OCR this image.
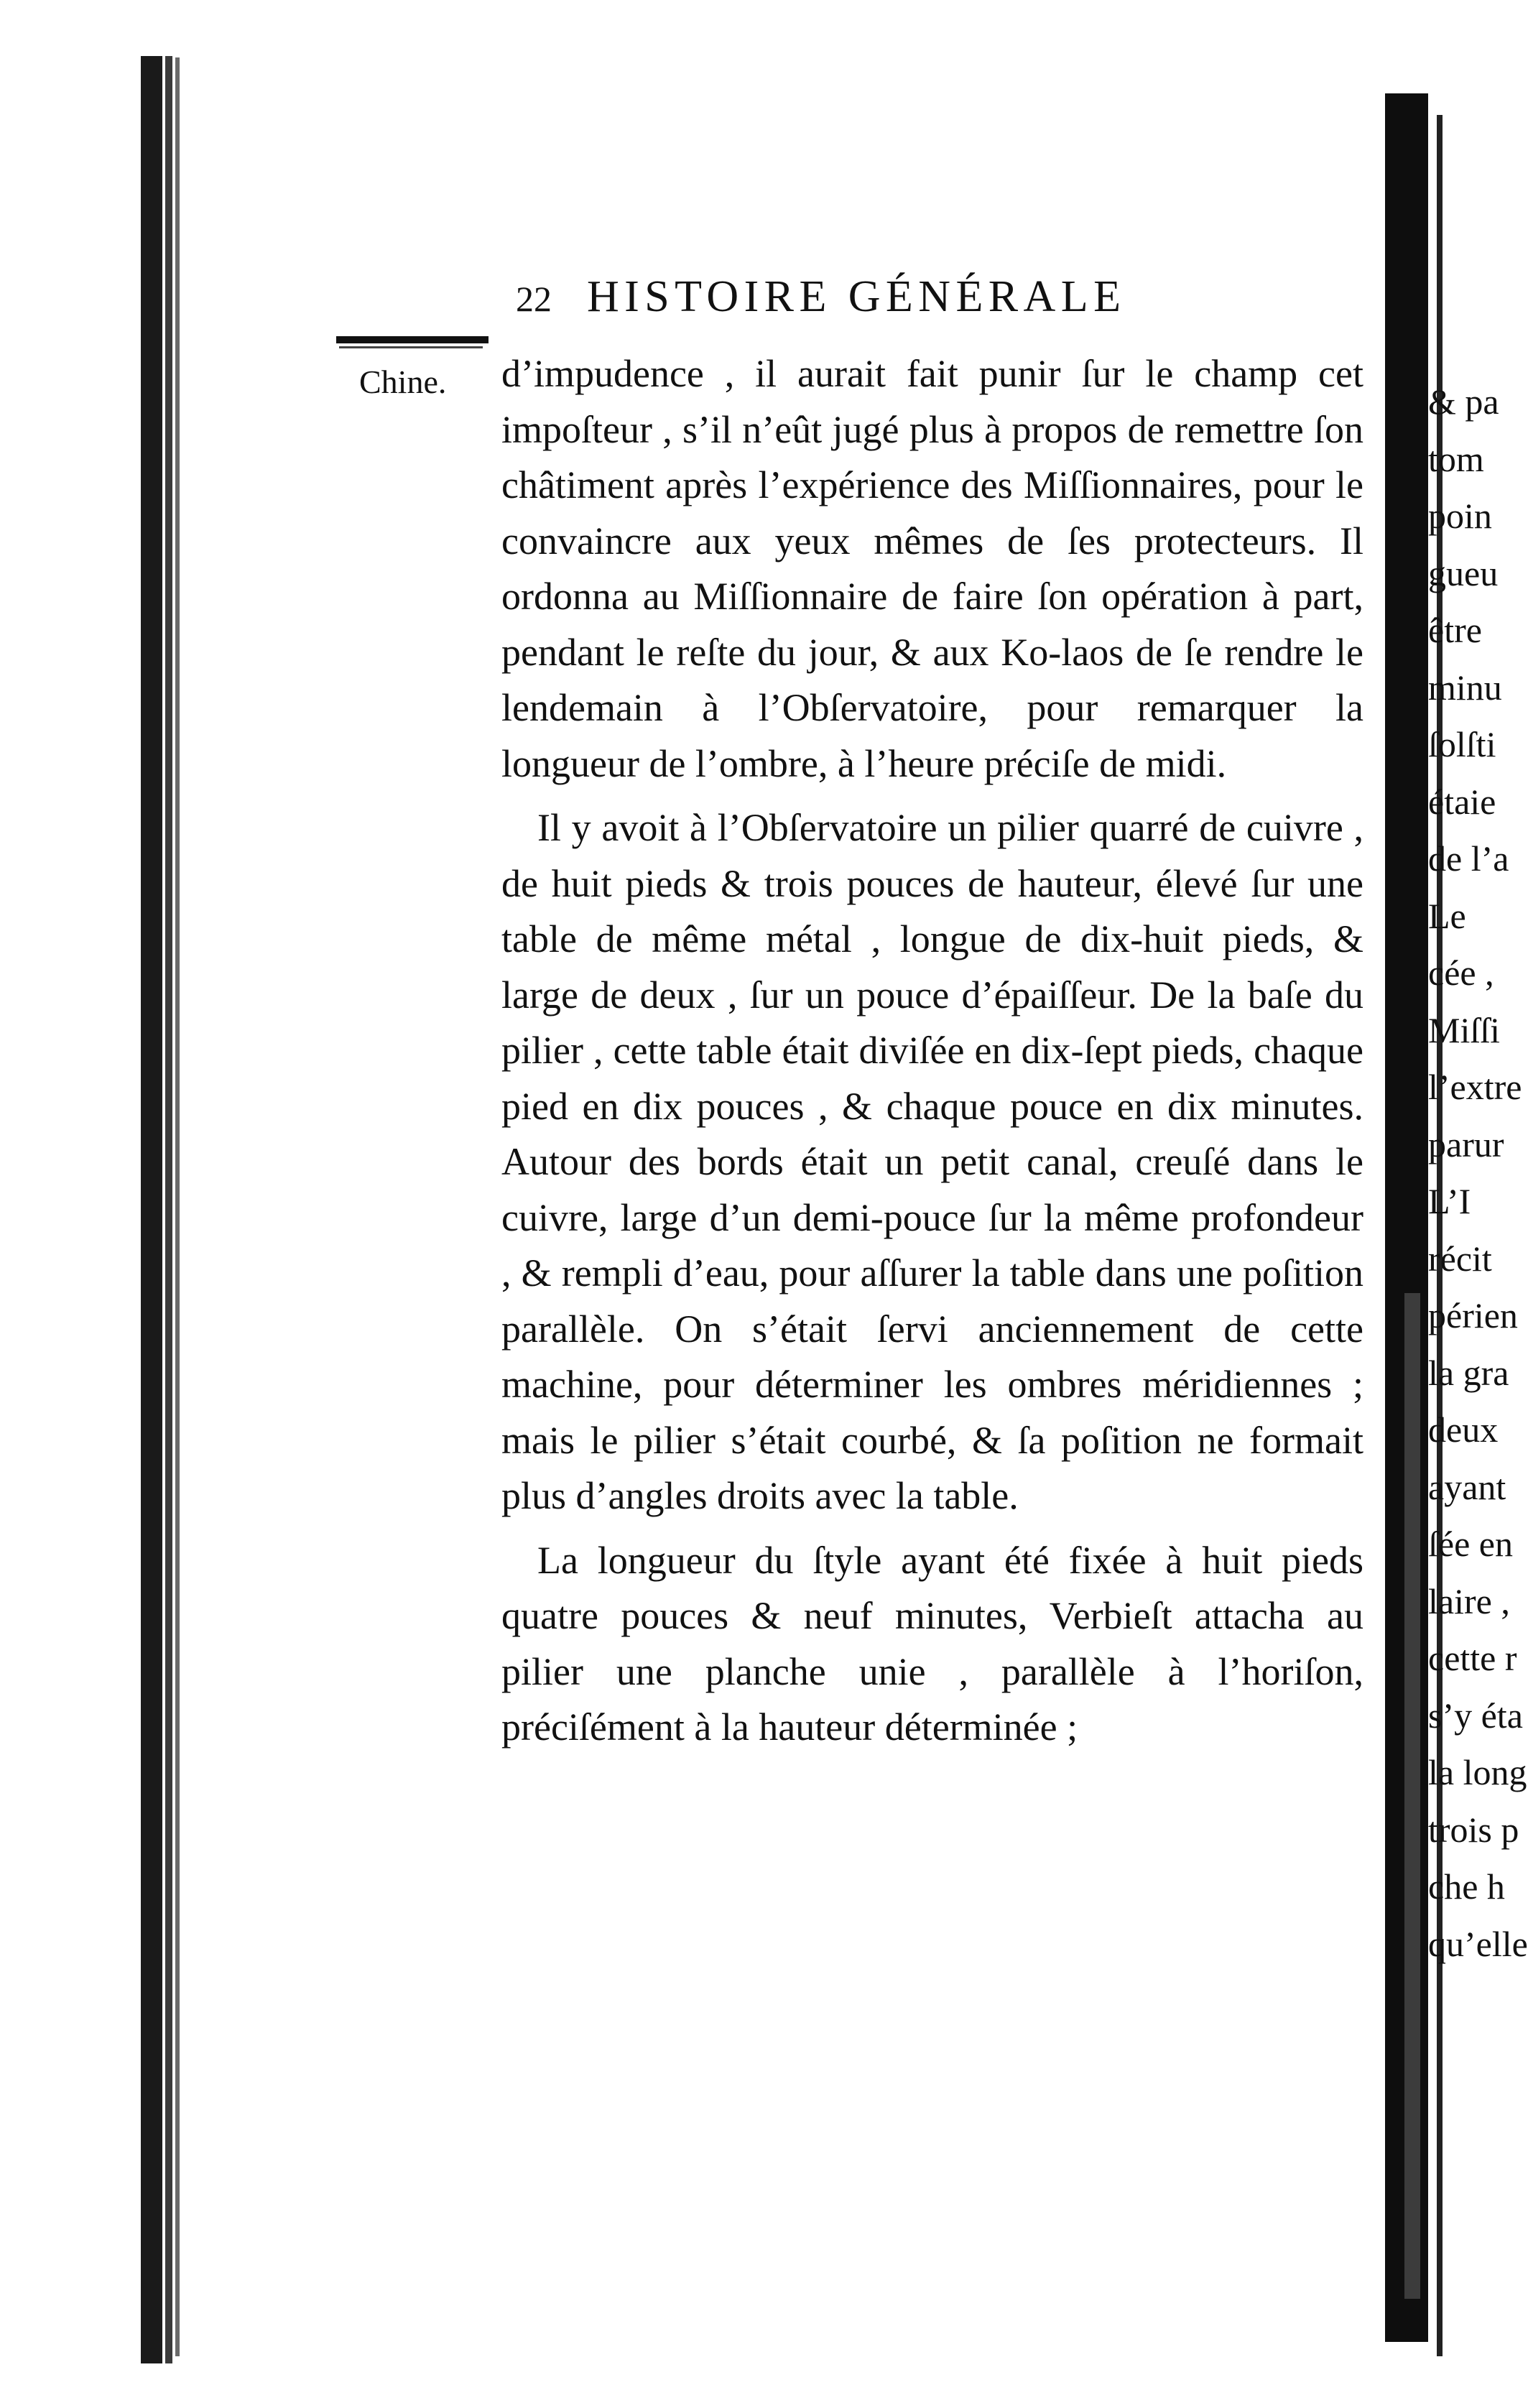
22 HISTOIRE GÉNÉRALE
Chine. d’impudence , il aurait fait punir ſur le champ cet impoſteur , s’il n’eût jugé plus à propos de remettre ſon châtiment après l’expérience des Miſſionnaires, pour le convaincre aux yeux mêmes de ſes protecteurs. Il ordonna au Miſſionnaire de faire ſon opération à part, pendant le reſte du jour, & aux Ko-laos de ſe rendre le lendemain à l’Obſervatoire, pour remarquer la longueur de l’ombre, à l’heure préciſe de midi.

Il y avoit à l’Obſervatoire un pilier quarré de cuivre , de huit pieds & trois pouces de hauteur, élevé ſur une table de même métal , longue de dix-huit pieds, & large de deux , ſur un pouce d’épaiſſeur. De la baſe du pilier , cette table était diviſée en dix-ſept pieds, chaque pied en dix pouces , & chaque pouce en dix minutes. Autour des bords était un petit canal, creuſé dans le cuivre, large d’un demi-pouce ſur la même profondeur , & rempli d’eau, pour aſſurer la table dans une poſition parallèle. On s’était ſervi anciennement de cette machine, pour déterminer les ombres méridiennes ; mais le pilier s’était courbé, & ſa poſition ne formait plus d’angles droits avec la table.

La longueur du ſtyle ayant été fixée à huit pieds quatre pouces & neuf minutes, Verbieſt attacha au pilier une planche unie , parallèle à l’horiſon, préciſément à la hauteur déterminée ;

& pa
tom
poin
gueu
être
minu
ſolſti
étaie
de l’a
Le
cée ,
Miſſi
l’extre
parur
L’I
récit
périen
la gra
deux
ayant
ſée en
laire ,
cette r
s’y éta
la long
trois p
che h
qu’elle
